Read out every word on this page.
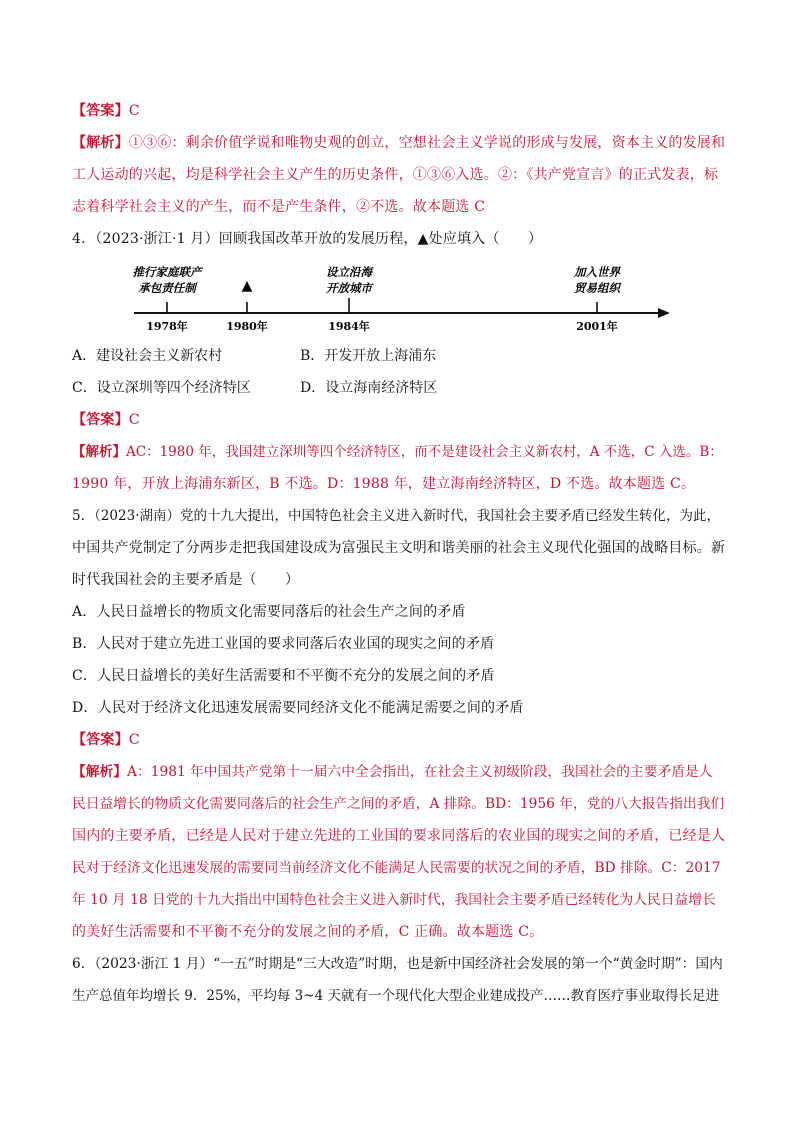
【答案】C
【解析】①③⑥：剩余价值学说和唯物史观的创立，空想社会主义学说的形成与发展，资本主义的发展和
工人运动的兴起，均是科学社会主义产生的历史条件，①③⑥入选。②：《共产党宣言》的正式发表，标
志着科学社会主义的产生，而不是产生条件，②不选。故本题选 C
4．（2023·浙江·1 月）回顾我国改革开放的发展历程，▲处应填入（　　）
推行家庭联产
承包责任制	▲
设立沿海
开放城市
加入世界
贸易组织
1978年	1980年	1984年	2001年
A．建设社会主义新农村	B．开发开放上海浦东
C．设立深圳等四个经济特区	D．设立海南经济特区
【答案】C
【解析】AC：1980 年，我国建立深圳等四个经济特区，而不是建设社会主义新农村，A 不选，C 入选。B：
1990 年，开放上海浦东新区，B 不选。D：1988 年，建立海南经济特区，D 不选。故本题选 C。
5．（2023·湖南）党的十九大提出，中国特色社会主义进入新时代，我国社会主要矛盾已经发生转化，为此，
中国共产党制定了分两步走把我国建设成为富强民主文明和谐美丽的社会主义现代化强国的战略目标。新
时代我国社会的主要矛盾是（　　）
A．人民日益增长的物质文化需要同落后的社会生产之间的矛盾
B．人民对于建立先进工业国的要求同落后农业国的现实之间的矛盾
C．人民日益增长的美好生活需要和不平衡不充分的发展之间的矛盾
D．人民对于经济文化迅速发展需要同经济文化不能满足需要之间的矛盾
【答案】C
【解析】A：1981 年中国共产党第十一届六中全会指出，在社会主义初级阶段，我国社会的主要矛盾是人
民日益增长的物质文化需要同落后的社会生产之间的矛盾，A 排除。BD：1956 年，党的八大报告指出我们
国内的主要矛盾，已经是人民对于建立先进的工业国的要求同落后的农业国的现实之间的矛盾，已经是人
民对于经济文化迅速发展的需要同当前经济文化不能满足人民需要的状况之间的矛盾，BD 排除。C：2017
年 10 月 18 日党的十九大指出中国特色社会主义进入新时代，我国社会主要矛盾已经转化为人民日益增长
的美好生活需要和不平衡不充分的发展之间的矛盾，C 正确。故本题选 C。
6．（2023·浙江 1 月）“一五”时期是“三大改造”时期，也是新中国经济社会发展的第一个“黄金时期”：国内
生产总值年均增长 9．25%，平均每 3~4 天就有一个现代化大型企业建成投产……教育医疗事业取得长足进
